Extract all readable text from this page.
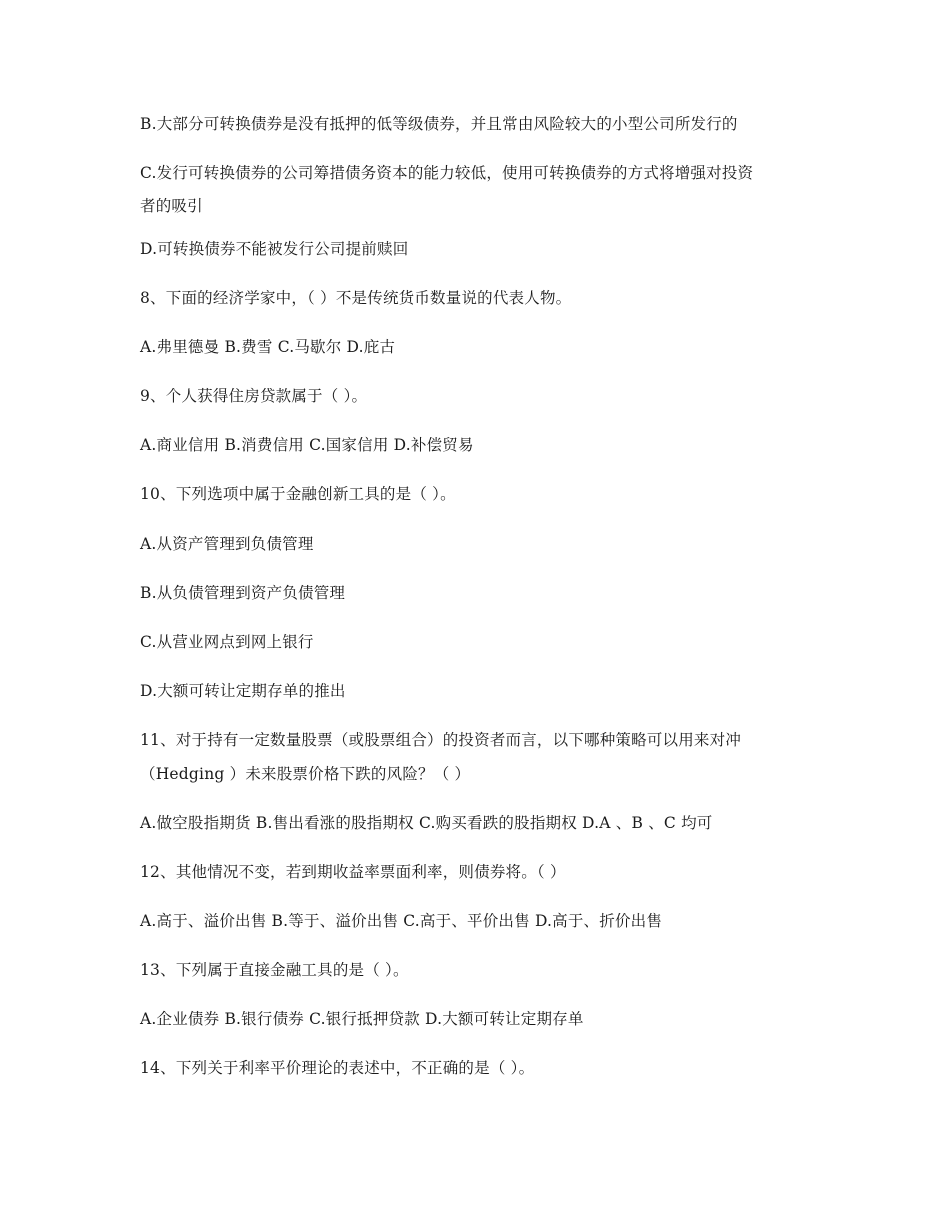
B.大部分可转换债券是没有抵押的低等级债券，并且常由风险较大的小型公司所发行的
C.发行可转换债券的公司筹措债务资本的能力较低，使用可转换债券的方式将增强对投资
者的吸引
D.可转换债券不能被发行公司提前赎回
8、下面的经济学家中，（ ）不是传统货币数量说的代表人物。
A.弗里德曼 B.费雪 C.马歇尔 D.庇古
9、个人获得住房贷款属于（ ）。
A.商业信用 B.消费信用 C.国家信用 D.补偿贸易
10、下列选项中属于金融创新工具的是（ ）。
A.从资产管理到负债管理
B.从负债管理到资产负债管理
C.从营业网点到网上银行
D.大额可转让定期存单的推出
11、对于持有一定数量股票（或股票组合）的投资者而言，以下哪种策略可以用来对冲
（Hedging ）未来股票价格下跌的风险？（ ）
A.做空股指期货 B.售出看涨的股指期权 C.购买看跌的股指期权 D.A 、B 、C 均可
12、其他情况不变，若到期收益率票面利率，则债券将。（ ）
A.高于、溢价出售 B.等于、溢价出售 C.高于、平价出售 D.高于、折价出售
13、下列属于直接金融工具的是（ ）。
A.企业债券 B.银行债券 C.银行抵押贷款 D.大额可转让定期存单
14、下列关于利率平价理论的表述中，不正确的是（ ）。
